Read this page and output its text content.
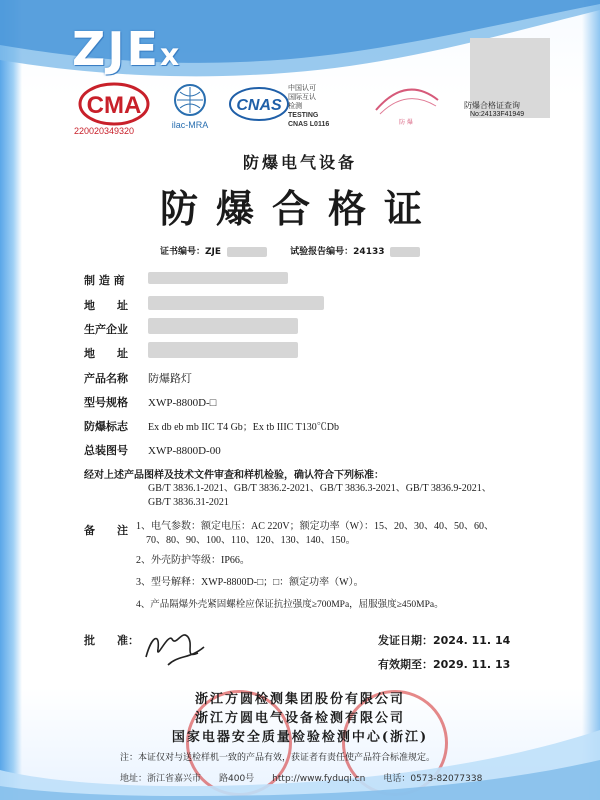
ZJEx
CMA
220020349320
ilac-MRA
CNAS
中国认可
国际互认
检测
TESTING
CNAS L0116	防 爆
防爆合格证查询
No:24133F41949
防爆电气设备
防爆合格证
证书编号：ZJE	试验报告编号：24133
制 造 商
地　　址
生产企业
地　　址
产品名称 防爆路灯
型号规格 XWP-8800D-□
防爆标志 Ex db eb mb IIC T4 Gb；Ex tb IIIC T130℃Db
总装图号 XWP-8800D-00
经对上述产品图样及技术文件审查和样机检验，确认符合下列标准：
GB/T 3836.1-2021、GB/T 3836.2-2021、GB/T 3836.3-2021、GB/T 3836.9-2021、
GB/T 3836.31-2021
备　　注 1、电气参数：额定电压：AC 220V；额定功率（W）：15、20、30、40、50、60、
70、80、90、100、110、120、130、140、150。
2、外壳防护等级：IP66。
3、型号解释：XWP-8800D-□；□：额定功率（W）。
4、产品隔爆外壳紧固螺栓应保证抗拉强度≥700MPa，屈服强度≥450MPa。
批　　准：	发证日期：2024. 11. 14
有效期至：2029. 11. 13
浙江方圆检测集团股份有限公司
浙江方圆电气设备检测有限公司
国家电器安全质量检验检测中心(浙江)
注：本证仅对与送检样机一致的产品有效，获证者有责任使产品符合标准规定。
地址：浙江省嘉兴市　　路400号　　http://www.fyduqi.cn　　电话：0573-82077338
